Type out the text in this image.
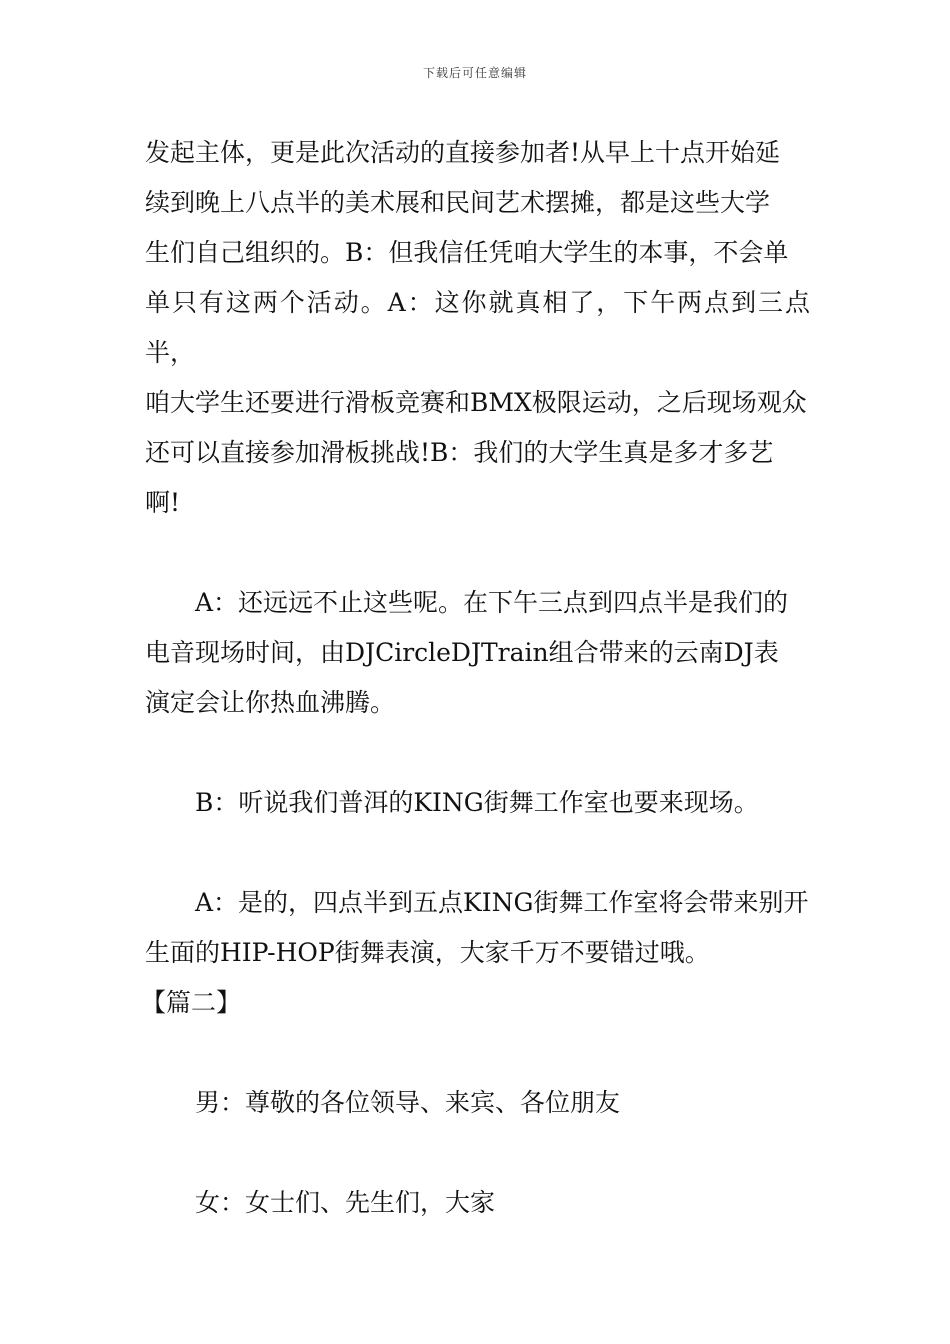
下载后可任意编辑
发起主体，更是此次活动的直接参加者!从早上十点开始延
续到晚上八点半的美术展和民间艺术摆摊，都是这些大学
生们自己组织的。B：但我信任凭咱大学生的本事，不会单
单只有这两个活动。A：这你就真相了，下午两点到三点半，
咱大学生还要进行滑板竞赛和BMX极限运动，之后现场观众
还可以直接参加滑板挑战!B：我们的大学生真是多才多艺
啊!
A：还远远不止这些呢。在下午三点到四点半是我们的
电音现场时间，由DJCircleDJTrain组合带来的云南DJ表
演定会让你热血沸腾。
B：听说我们普洱的KING街舞工作室也要来现场。
A：是的，四点半到五点KING街舞工作室将会带来别开
生面的HIP-HOP街舞表演，大家千万不要错过哦。
【篇二】
男：尊敬的各位领导、来宾、各位朋友
女：女士们、先生们，大家
